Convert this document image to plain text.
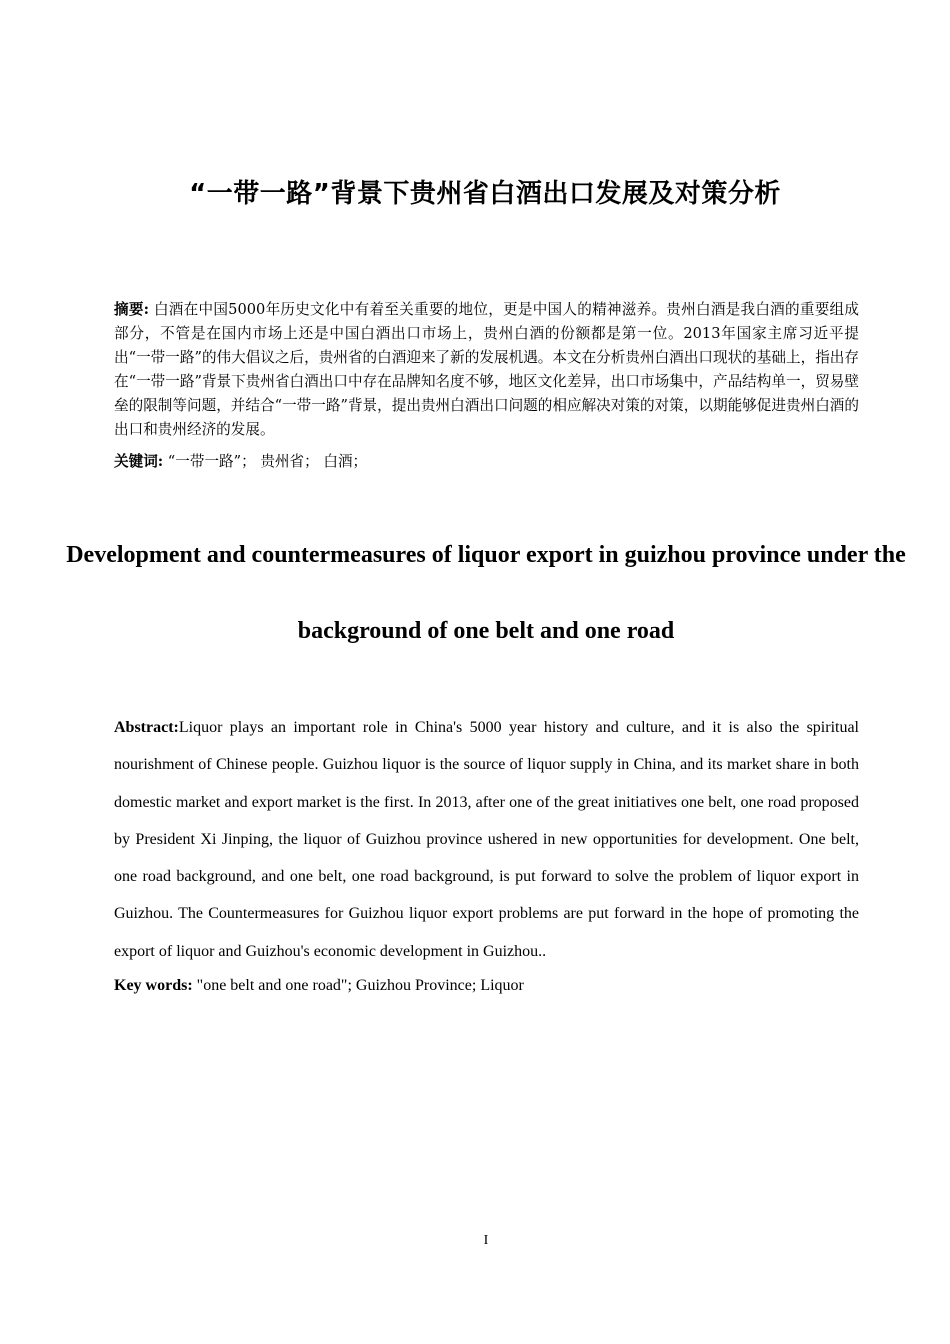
“一带一路”背景下贵州省白酒出口发展及对策分析
摘要: 白酒在中国5000年历史文化中有着至关重要的地位，更是中国人的精神滋养。贵州白酒是我白酒的重要组成部分，不管是在国内市场上还是中国白酒出口市场上，贵州白酒的份额都是第一位。2013年国家主席习近平提出“一带一路”的伟大倡议之后，贵州省的白酒迎来了新的发展机遇。本文在分析贵州白酒出口现状的基础上，指出存在“一带一路”背景下贵州省白酒出口中存在品牌知名度不够，地区文化差异，出口市场集中，产品结构单一，贸易壁垒的限制等问题，并结合“一带一路”背景，提出贵州白酒出口问题的相应解决对策的对策，以期能够促进贵州白酒的出口和贵州经济的发展。
关键词: “一带一路”； 贵州省； 白酒；
Development and countermeasures of liquor export in guizhou province under the background of one belt and one road
Abstract:Liquor plays an important role in China's 5000 year history and culture, and it is also the spiritual nourishment of Chinese people. Guizhou liquor is the source of liquor supply in China, and its market share in both domestic market and export market is the first. In 2013, after one of the great initiatives one belt, one road proposed by President Xi Jinping, the liquor of Guizhou province ushered in new opportunities for development. One belt, one road background, and one belt, one road background, is put forward to solve the problem of liquor export in Guizhou. The Countermeasures for Guizhou liquor export problems are put forward in the hope of promoting the export of liquor and Guizhou's economic development in Guizhou..
Key words: "one belt and one road"; Guizhou Province; Liquor
I
